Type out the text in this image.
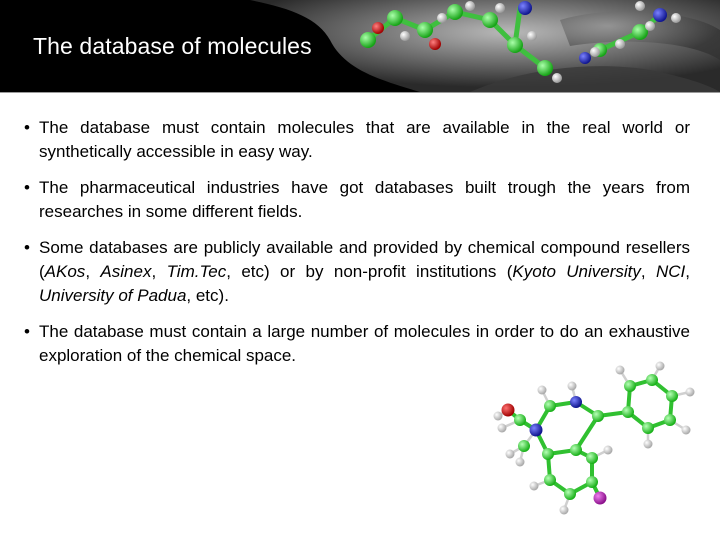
The database of molecules
• The database must contain molecules that are available in the real world or synthetically accessible in easy way.
• The pharmaceutical industries have got databases built trough the years from researches in some different fields.
• Some databases are publicly available and provided by chemical compound resellers (AKos, Asinex, Tim.Tec, etc) or by non-profit institutions (Kyoto University, NCI, University of Padua, etc).
• The database must contain a large number of molecules in order to do an exhaustive exploration of the chemical space.
